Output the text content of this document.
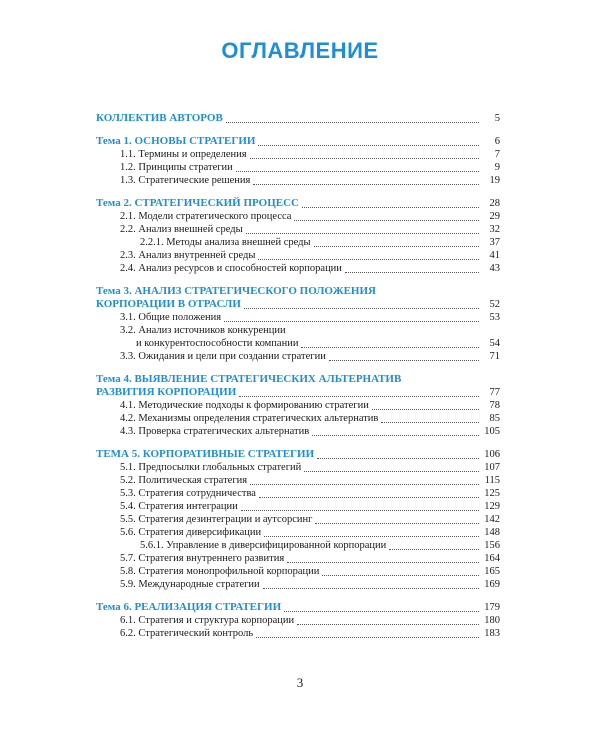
ОГЛАВЛЕНИЕ
КОЛЛЕКТИВ АВТОРОВ	5
Тема 1. ОСНОВЫ СТРАТЕГИИ	6
1.1. Термины и определения	7
1.2. Принципы стратегии	9
1.3. Стратегические решения	19
Тема 2. СТРАТЕГИЧЕСКИЙ ПРОЦЕСС	28
2.1. Модели стратегического процесса	29
2.2. Анализ внешней среды	32
2.2.1. Методы анализа внешней среды	37
2.3. Анализ внутренней среды	41
2.4. Анализ ресурсов и способностей корпорации	43
Тема 3. АНАЛИЗ СТРАТЕГИЧЕСКОГО ПОЛОЖЕНИЯ
КОРПОРАЦИИ В ОТРАСЛИ	52
3.1. Общие положения	53
3.2. Анализ источников конкуренции
и конкурентоспособности компании	54
3.3. Ожидания и цели при создании стратегии	71
Тема 4. ВЫЯВЛЕНИЕ СТРАТЕГИЧЕСКИХ АЛЬТЕРНАТИВ
РАЗВИТИЯ КОРПОРАЦИИ	77
4.1. Методические подходы к формированию стратегии	78
4.2. Механизмы определения стратегических альтернатив	85
4.3. Проверка стратегических альтернатив	105
ТЕМА 5. КОРПОРАТИВНЫЕ СТРАТЕГИИ	106
5.1. Предпосылки глобальных стратегий	107
5.2. Политическая стратегия	115
5.3. Стратегия сотрудничества	125
5.4. Стратегия интеграции	129
5.5. Стратегия дезинтеграции и аутсорсинг	142
5.6. Стратегия диверсификации	148
5.6.1. Управление в диверсифицированной корпорации	156
5.7. Стратегия внутреннего развития	164
5.8. Стратегия монопрофильной корпорации	165
5.9. Международные стратегии	169
Тема 6. РЕАЛИЗАЦИЯ СТРАТЕГИИ	179
6.1. Стратегия и структура корпорации	180
6.2. Стратегический контроль	183
3
